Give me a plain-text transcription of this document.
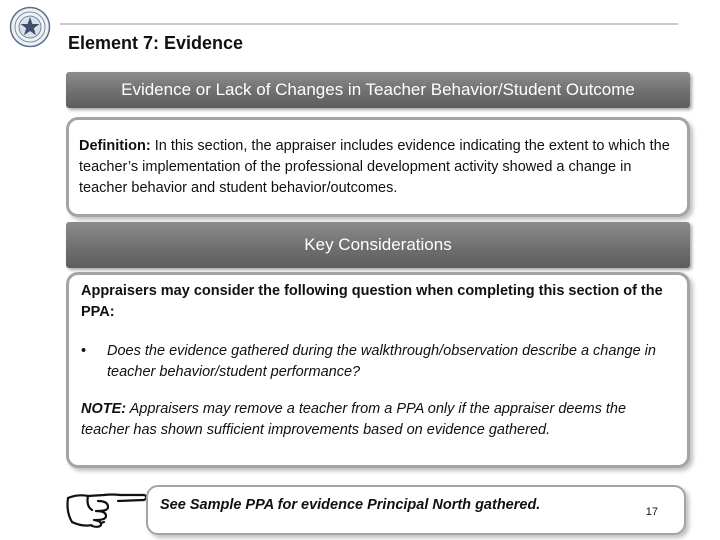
Element 7: Evidence
Evidence or Lack of Changes in Teacher Behavior/Student Outcome
Definition: In this section, the appraiser includes evidence indicating the extent to which the teacher’s implementation of the professional development activity showed a change in teacher behavior and student behavior/outcomes.
Key Considerations

Appraisers may consider the following question when completing this section of the PPA:

•	Does the evidence gathered during the walkthrough/observation describe a change in teacher behavior/student performance?

NOTE: Appraisers may remove a teacher from a PPA only if the appraiser deems the teacher has shown sufficient improvements based on evidence gathered.

See Sample PPA for evidence Principal North gathered.	17
